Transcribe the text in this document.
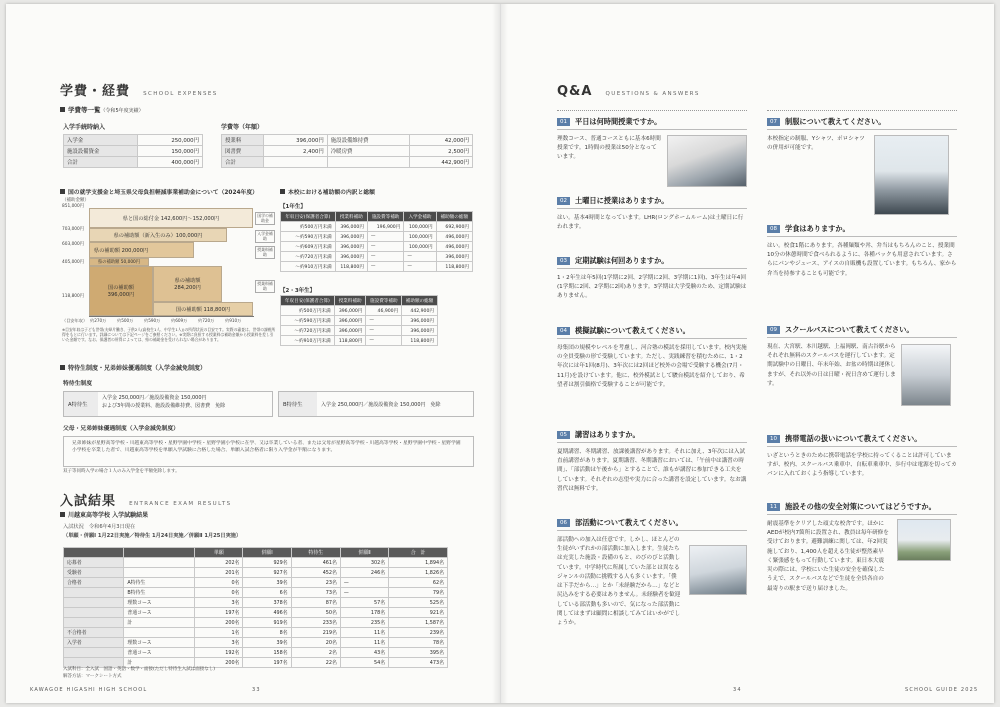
学費・経費 SCHOOL EXPENSES
学費等一覧（令和5年度実績）
入学手続時納入
入学金	250,000円
施設設備資金	150,000円
合計	400,000円
学費等（年額）
授業料	396,000円	施設設備維持費	42,000円
図書費	2,400円	冷暖房費	2,500円
合計			442,900円
国の就学支援金と埼玉県父母負担軽減事業補助金について（2024年度）
（補助金額）
851,000円
703,000円
603,000円
405,000円
118,800円
県と国の総付金 142,600円〜152,000円
県の補助額（新入生のみ）100,000円
県の補助額 200,000円
県の補助額 50,000円
国の補助額
396,000円
県の補助額
284,200円
国の補助額 118,800円
国学の補助金
入学金補助
授業料補助
授業料補助
（目安年収） 約270万	約500万	約590万	約609万	約720万	約910万
※目安年収は子ども世帯(夫婦片働き、子供2人(高校生1人、中学生1人))の所得状況の目安です。実際の審査は、世帯の課税所得をもとに行います。詳細については下記ページをご参照ください。※実際に負担する授業料は補助金額から授業料を差し引いた金額です。なお、保護者の所得によっては、県の補助金を受けられない場合があります。
本校における補助額の内訳と総額
【1年生】
年収目安(保護者合算)	授業料補助	施設費等補助	入学金補助	補助額の総額
約500万円未満	396,000円	196,900円	100,000円	692,900円
〜約590万円未満	396,000円	—	100,000円	496,000円
〜約609万円未満	396,000円	—	100,000円	496,000円
〜約720万円未満	396,000円	—	—	396,000円
〜約910万円未満	118,800円	—	—	118,800円
【2・3年生】
年収目安(保護者合算)	授業料補助	施設費等補助	補助額の総額
約500万円未満	396,000円	46,900円	442,900円
〜約590万円未満	396,000円	—	396,000円
〜約720万円未満	396,000円	—	396,000円
〜約910万円未満	118,800円	—	118,800円
特待生制度・兄弟姉妹優遇制度（入学金減免制度）
特待生制度
A特待生
入学金 250,000円／施設設備資金 150,000円
および3年間の授業料、施設設備維持費、図書費　免除	B特待生	入学金 250,000円／施設設備資金 150,000円　免除
父母・兄弟姉妹優遇制度（入学金減免制度）
兄弟姉妹が星野高等学校・川越東高等学校・星野学園中学校・星野学園小学校に在学、又は卒業している者、または父母が星野高等学校・川越高等学校・星野学園中学校・星野学園小学校を卒業した者で、川越東高等学校を単願入学試験に合格した場合、単願入試合格者に限り入学金が半額になります。
双子等同時入学の場合１人のみ入学金を半額免除します。
入試結果 ENTRANCE EXAM RESULTS
川越東高等学校 入学試験結果
入試状況　令和6年4月3日現在
（単願・併願Ⅰ 1月22日実施／特待生 1月24日実施／併願Ⅱ 1月25日実施）
		単願	併願Ⅰ	特待生	併願Ⅱ	合　計
応募者		202名	929名	461名	302名	1,894名
受験者		201名	927名	452名	246名	1,826名
合格者	A特待生	0名	39名	23名	—	62名
	B特待生	0名	6名	73名	—	79名
	理数コース	3名	378名	87名	57名	525名
	普通コース	197名	496名	50名	178名	921名
	計	200名	919名	233名	235名	1,587名
不合格者		1名	8名	219名	11名	239名
入学者	理数コース	3名	39名	20名	11名	78名
	普通コース	192名	158名	2名	43名	395名
	計	200名	197名	22名	54名	473名
入試科目：全入試　国語・英語・数学・面接(ただし特待生入試は面接なし)
解答方法：マークシート方式
KAWAGOE HIGASHI HIGH SCHOOL	33
Q&A QUESTIONS & ANSWERS
01	平日は何時間授業ですか。
理数コース、普通コースともに基本6時間授業です。1時間の授業は50分となっています。
02	土曜日に授業はありますか。
はい。基本4時間となっています。LHR(ロングホームルーム)は土曜日に行われます。
03	定期試験は何回ありますか。
1・2年生は年5回(1学期に2回、2学期に2回、3学期に1回)、3年生は年4回(1学期に2回、2学期に2回)あります。3学期は大学受験のため、定期試験はありません。
04	模擬試験について教えてください。
母集団の規模やレベルを考慮し、河合塾の模試を採用しています。校内実施の全員受験の形で受験しています。ただし、実践練習を積むために、1・2年次には年1回(8月)、3年次には2回ほど校外の会場で受験する機会(7月・11月)を設けています。他に、校外模試として駿台模試を紹介しており、希望者は割引価格で受験することが可能です。
05	講習はありますか。
夏期講習、冬期講習、放課後講習があります。それに加え、3年次には入試直前講習があります。夏期講習、冬期講習においては、「午前中は講習の時間」、「部活動は午後から」とすることで、誰もが講習に参加できる工夫をしています。それぞれの志望や実力に合った講習を設定しています。なお講習代は無料です。
06	部活動について教えてください。
部活動への加入は任意です。しかし、ほとんどの生徒がいずれかの部活動に加入します。生徒たちは充実した施設・設備のもと、のびのびと活動しています。中学時代に所属していた部とは異なるジャンルの活動に挑戦する人も多くいます。「僕は下手だから…」とか「未経験だから…」などと尻込みをする必要はありません。未経験者を歓迎している部活動も多いので、気になった部活動に関してはまずは顧問に相談してみてはいかがでしょうか。
07	制服について教えてください。
本校指定の制服、Yシャツ、ポロシャツの併用が可能です。
08	学食はありますか。
はい。校食1階にあります。各種麺類や丼、弁当はもちろんのこと、授業間10分の休憩時間で食べられるように、各種パックも用意されています。さらにパンやジュース、アイスの自販機も設置しています。もちろん、家から弁当を持参することも可能です。
09	スクールバスについて教えてください。
現在、大宮駅、本川越駅、上福岡駅、南古谷駅からそれぞれ無料のスクールバスを運行しています。定期試験中の日曜日、年末年始、お盆の時期は運休しますが、それ以外の日は日曜・祝日含めて運行します。
10	携帯電話の扱いについて教えてください。
いざというときのために携帯電話を学校に持ってくることは許可していますが、校内、スクールバス乗車中、自転車乗車中、歩行中は電源を切ってカバンに入れておくよう指導しています。
11	施設その他の安全対策についてはどうですか。
耐震基準をクリアした頑丈な校舎です。ほかにAEDが校内7箇所に設置され、教員は毎年研修を受けております。避難訓練に関しては、年2回実施しており、1,400人を超える生徒が整然素早く緊張感をもって行動しています。東日本大震災の際には、学校にいた生徒の安全を確保したうえで、スクールバスなどで生徒を全員各自の最寄りの駅まで送り届けました。
34	SCHOOL GUIDE 2025
